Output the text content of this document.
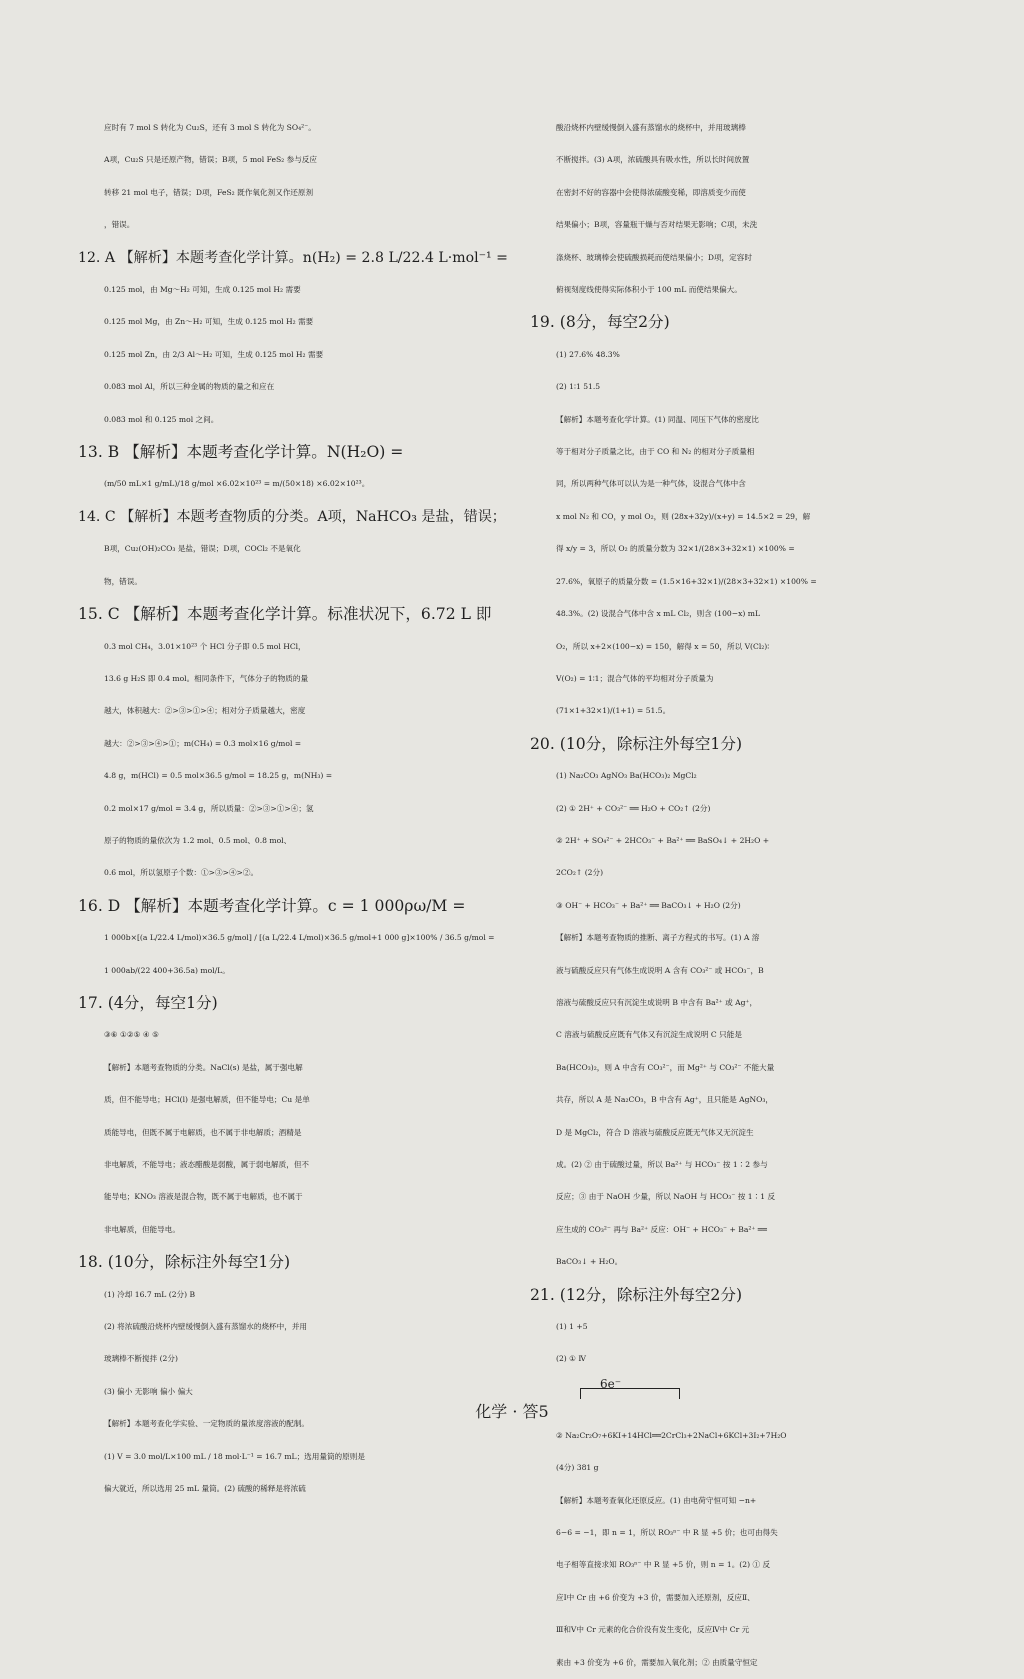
应时有 7 mol S 转化为 Cu₂S，还有 3 mol S 转化为 SO₄²⁻。
A项，Cu₂S 只是还原产物，错误；B项，5 mol FeS₂ 参与反应
转移 21 mol 电子，错误；D项，FeS₂ 既作氧化剂又作还原剂
，错误。
12. A 【解析】本题考查化学计算。n(H₂) = 2.8 L/22.4 L·mol⁻¹ =
0.125 mol，由 Mg～H₂ 可知，生成 0.125 mol H₂ 需要
0.125 mol Mg，由 Zn～H₂ 可知，生成 0.125 mol H₂ 需要
0.125 mol Zn，由 2/3 Al～H₂ 可知，生成 0.125 mol H₂ 需要
0.083 mol Al，所以三种金属的物质的量之和应在
0.083 mol 和 0.125 mol 之间。
13. B 【解析】本题考查化学计算。N(H₂O) =
(m/50 mL×1 g/mL)/18 g/mol ×6.02×10²³ = m/(50×18) ×6.02×10²³。
14. C 【解析】本题考查物质的分类。A项，NaHCO₃ 是盐，错误；
B项，Cu₂(OH)₂CO₃ 是盐，错误；D项，COCl₂ 不是氧化
物，错误。
15. C 【解析】本题考查化学计算。标准状况下，6.72 L 即
0.3 mol CH₄，3.01×10²³ 个 HCl 分子即 0.5 mol HCl，
13.6 g H₂S 即 0.4 mol。相同条件下，气体分子的物质的量
越大，体积越大：②>③>①>④；相对分子质量越大，密度
越大：②>③>④>①；m(CH₄) = 0.3 mol×16 g/mol =
4.8 g，m(HCl) = 0.5 mol×36.5 g/mol = 18.25 g，m(NH₃) =
0.2 mol×17 g/mol = 3.4 g，所以质量：②>③>①>④；氢
原子的物质的量依次为 1.2 mol、0.5 mol、0.8 mol、
0.6 mol，所以氢原子个数：①>③>④>②。
16. D 【解析】本题考查化学计算。c = 1 000ρω/M =
1 000b×[(a L/22.4 L/mol)×36.5 g/mol] / [(a L/22.4 L/mol)×36.5 g/mol+1 000 g]×100% / 36.5 g/mol =
1 000ab/(22 400+36.5a) mol/L。
17. (4分，每空1分)
③⑥ ①②⑤ ④ ⑤
【解析】本题考查物质的分类。NaCl(s) 是盐，属于强电解
质，但不能导电；HCl(l) 是强电解质，但不能导电；Cu 是单
质能导电，但既不属于电解质，也不属于非电解质；酒精是
非电解质，不能导电；液态醋酸是弱酸，属于弱电解质，但不
能导电；KNO₃ 溶液是混合物，既不属于电解质，也不属于
非电解质，但能导电。
18. (10分，除标注外每空1分)
(1) 冷却 16.7 mL (2分) B
(2) 将浓硫酸沿烧杯内壁缓慢倒入盛有蒸馏水的烧杯中，并用
玻璃棒不断搅拌 (2分)
(3) 偏小 无影响 偏小 偏大
【解析】本题考查化学实验、一定物质的量浓度溶液的配制。
(1) V = 3.0 mol/L×100 mL / 18 mol·L⁻¹ = 16.7 mL；选用量筒的原则是
偏大就近，所以选用 25 mL 量筒。(2) 硫酸的稀释是将浓硫
酸沿烧杯内壁缓慢倒入盛有蒸馏水的烧杯中，并用玻璃棒
不断搅拌。(3) A项，浓硫酸具有吸水性，所以长时间放置
在密封不好的容器中会使得浓硫酸变稀，即溶质变少而使
结果偏小；B项，容量瓶干燥与否对结果无影响；C项，未洗
涤烧杯、玻璃棒会使硫酸损耗而使结果偏小；D项，定容时
俯视刻度线使得实际体积小于 100 mL 而使结果偏大。
19. (8分，每空2分)
(1) 27.6% 48.3%
(2) 1∶1 51.5
【解析】本题考查化学计算。(1) 同温、同压下气体的密度比
等于相对分子质量之比，由于 CO 和 N₂ 的相对分子质量相
同，所以两种气体可以认为是一种气体，设混合气体中含
x mol N₂ 和 CO，y mol O₂，则 (28x+32y)/(x+y) = 14.5×2 = 29，解
得 x/y = 3，所以 O₂ 的质量分数为 32×1/(28×3+32×1) ×100% =
27.6%，氧原子的质量分数 = (1.5×16+32×1)/(28×3+32×1) ×100% =
48.3%。(2) 设混合气体中含 x mL Cl₂，则含 (100−x) mL
O₂，所以 x+2×(100−x) = 150，解得 x = 50，所以 V(Cl₂)∶
V(O₂) = 1∶1；混合气体的平均相对分子质量为
(71×1+32×1)/(1+1) = 51.5。
20. (10分，除标注外每空1分)
(1) Na₂CO₃ AgNO₃ Ba(HCO₃)₂ MgCl₂
(2) ① 2H⁺ + CO₃²⁻ ══ H₂O + CO₂↑ (2分)
② 2H⁺ + SO₄²⁻ + 2HCO₃⁻ + Ba²⁺ ══ BaSO₄↓ + 2H₂O +
2CO₂↑ (2分)
③ OH⁻ + HCO₃⁻ + Ba²⁺ ══ BaCO₃↓ + H₂O (2分)
【解析】本题考查物质的推断、离子方程式的书写。(1) A 溶
液与硫酸反应只有气体生成说明 A 含有 CO₃²⁻ 或 HCO₃⁻，B
溶液与硫酸反应只有沉淀生成说明 B 中含有 Ba²⁺ 或 Ag⁺，
C 溶液与硫酸反应既有气体又有沉淀生成说明 C 只能是
Ba(HCO₃)₂，则 A 中含有 CO₃²⁻，而 Mg²⁺ 与 CO₃²⁻ 不能大量
共存，所以 A 是 Na₂CO₃，B 中含有 Ag⁺，且只能是 AgNO₃，
D 是 MgCl₂，符合 D 溶液与硫酸反应既无气体又无沉淀生
成。(2) ② 由于硫酸过量，所以 Ba²⁺ 与 HCO₃⁻ 按 1∶2 参与
反应；③ 由于 NaOH 少量，所以 NaOH 与 HCO₃⁻ 按 1∶1 反
应生成的 CO₃²⁻ 再与 Ba²⁺ 反应：OH⁻ + HCO₃⁻ + Ba²⁺ ══
BaCO₃↓ + H₂O。
21. (12分，除标注外每空2分)
(1) 1 +5
(2) ① Ⅳ
6e⁻
② Na₂Cr₂O₇+6KI+14HCl══2CrCl₃+2NaCl+6KCl+3I₂+7H₂O
(4分) 381 g
【解析】本题考查氧化还原反应。(1) 由电荷守恒可知 −n+
6−6 = −1，即 n = 1，所以 RO₃ⁿ⁻ 中 R 显 +5 价；也可由得失
电子相等直接求知 RO₃ⁿ⁻ 中 R 显 +5 价，则 n = 1。(2) ① 反
应Ⅰ中 Cr 由 +6 价变为 +3 价，需要加入还原剂，反应Ⅱ、
Ⅲ和Ⅴ中 Cr 元素的化合价没有发生变化，反应Ⅳ中 Cr 元
素由 +3 价变为 +6 价，需要加入氧化剂；② 由质量守恒定
化学 · 答5
